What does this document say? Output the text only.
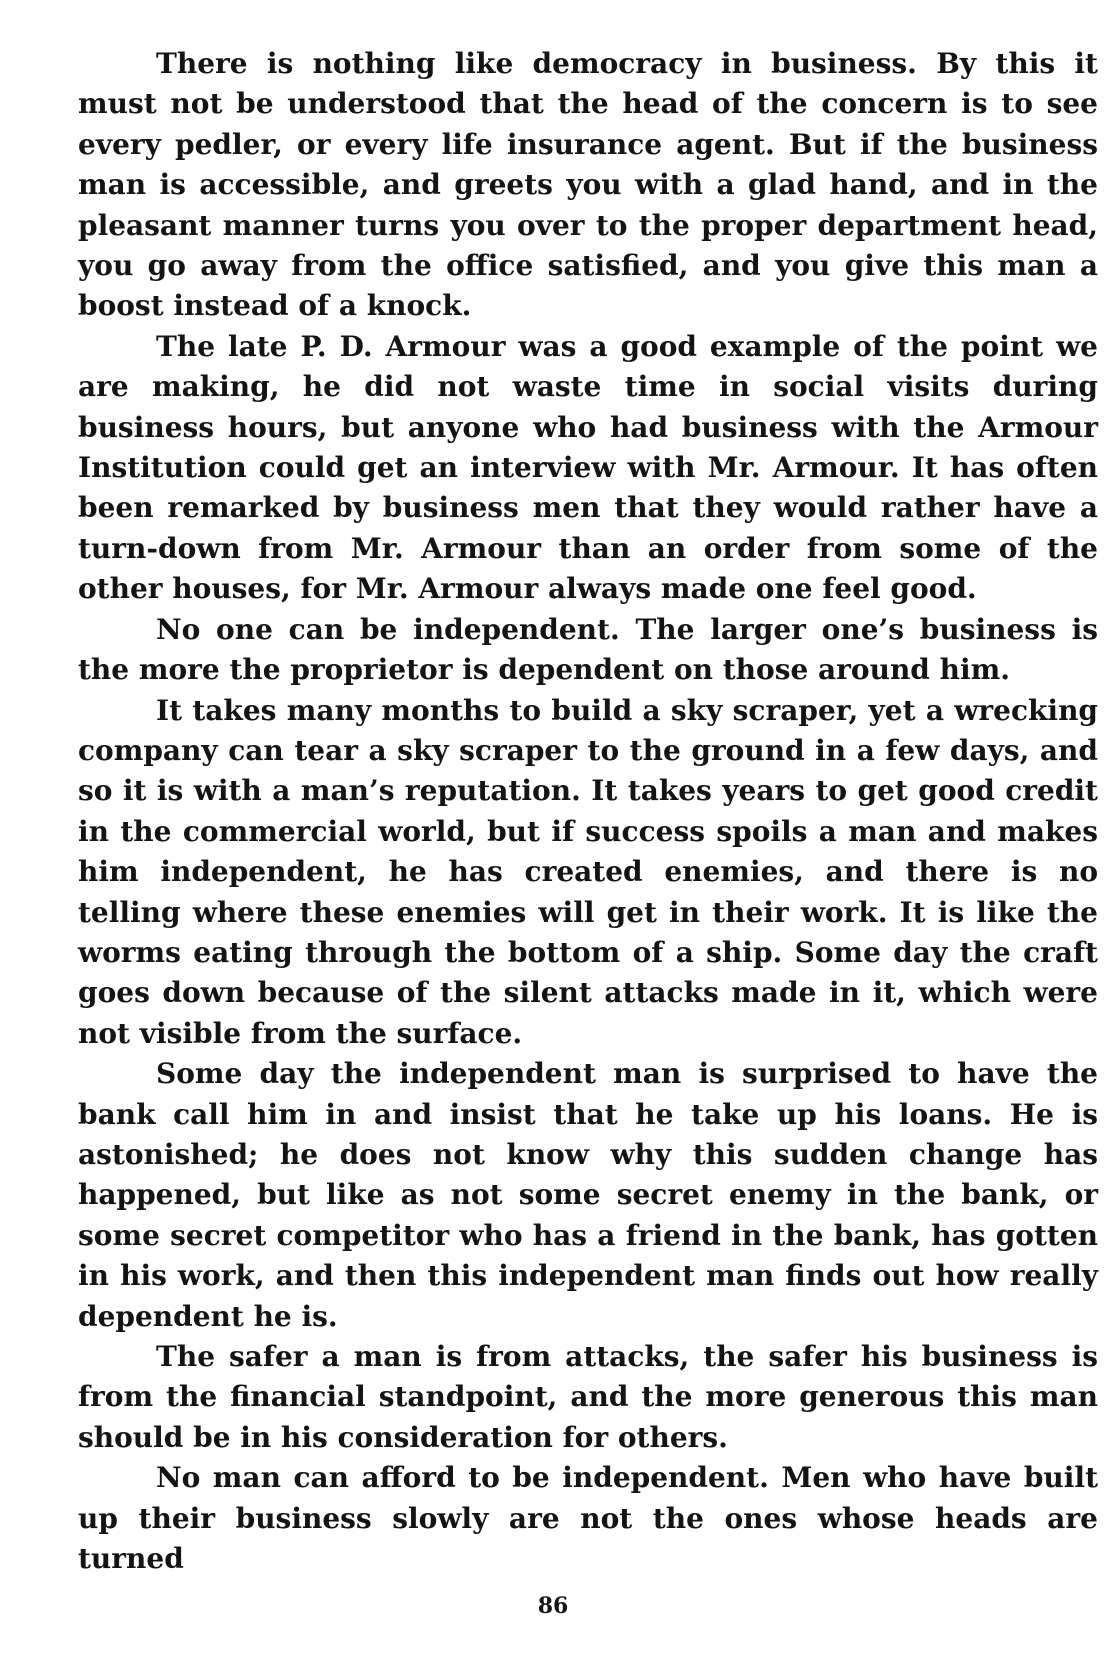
There is nothing like democracy in business. By this it must not be understood that the head of the concern is to see every pedler, or every life insurance agent. But if the business man is accessible, and greets you with a glad hand, and in the pleasant manner turns you over to the proper department head, you go away from the office satisfied, and you give this man a boost instead of a knock.

The late P. D. Armour was a good example of the point we are making, he did not waste time in social visits during business hours, but anyone who had business with the Armour Institution could get an interview with Mr. Armour. It has often been remarked by business men that they would rather have a turn-down from Mr. Armour than an order from some of the other houses, for Mr. Armour always made one feel good.

No one can be independent. The larger one’s business is the more the proprietor is dependent on those around him.

It takes many months to build a sky scraper, yet a wrecking company can tear a sky scraper to the ground in a few days, and so it is with a man’s reputation. It takes years to get good credit in the commercial world, but if success spoils a man and makes him independent, he has created enemies, and there is no telling where these enemies will get in their work. It is like the worms eating through the bottom of a ship. Some day the craft goes down because of the silent attacks made in it, which were not visible from the surface.

Some day the independent man is surprised to have the bank call him in and insist that he take up his loans. He is astonished; he does not know why this sudden change has happened, but like as not some secret enemy in the bank, or some secret competitor who has a friend in the bank, has gotten in his work, and then this independent man finds out how really dependent he is.

The safer a man is from attacks, the safer his business is from the financial standpoint, and the more generous this man should be in his consideration for others.

No man can afford to be independent. Men who have built up their business slowly are not the ones whose heads are turned

86
